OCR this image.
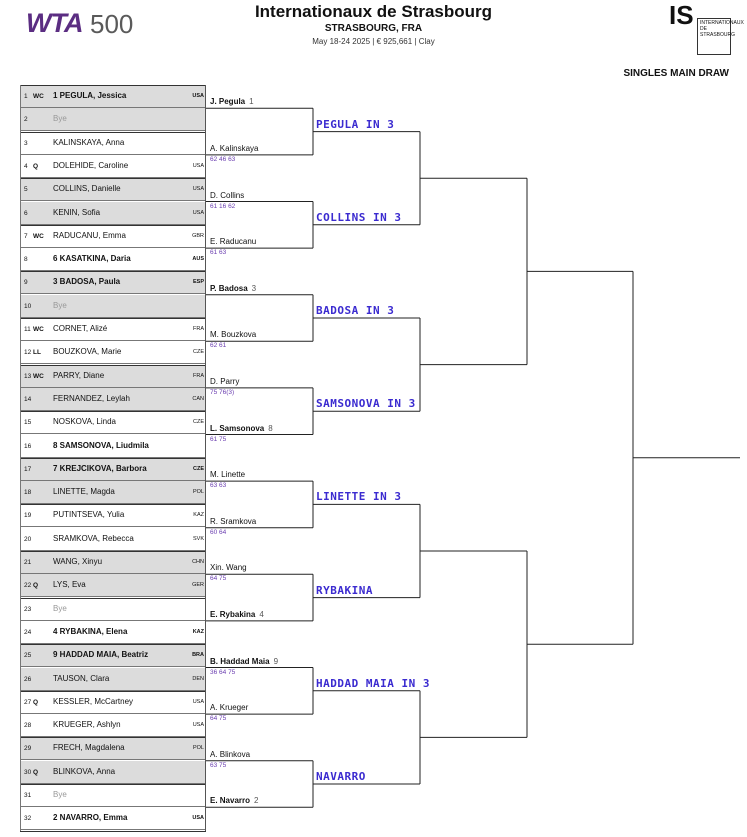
WTA 500	Internationaux de Strasbourg
STRASBOURG, FRA
May 18-24 2025 | € 925,661 | Clay
IS	INTERNATIONAUX DE STRASBOURG
SINGLES MAIN DRAW
1 WC 1 PEGULA, Jessica	USA
2	Bye
3	KALINSKAYA, Anna
4 Q DOLEHIDE, Caroline	USA
5	COLLINS, Danielle	USA
6	KENIN, Sofia	USA
7 WC RADUCANU, Emma	GBR
8	6 KASATKINA, Daria	AUS
9	3 BADOSA, Paula	ESP
10	Bye
11 WC CORNET, Alizé	FRA
12 LL BOUZKOVA, Marie	CZE
13 WC PARRY, Diane	FRA
14	FERNANDEZ, Leylah	CAN
15	NOSKOVA, Linda	CZE
16	8 SAMSONOVA, Liudmila
17	7 KREJCIKOVA, Barbora	CZE
18	LINETTE, Magda	POL
19	PUTINTSEVA, Yulia	KAZ
20	SRAMKOVA, Rebecca	SVK
21	WANG, Xinyu	CHN
22 Q LYS, Eva	GER
23	Bye
24	4 RYBAKINA, Elena	KAZ
25	9 HADDAD MAIA, Beatriz	BRA
26	TAUSON, Clara	DEN
27 Q KESSLER, McCartney	USA
28	KRUEGER, Ashlyn	USA
29	FRECH, Magdalena	POL
30 Q BLINKOVA, Anna
31	Bye
32	2 NAVARRO, Emma	USA
J. Pegula 1
A. Kalinskaya
62 46 63
D. Collins
61 16 62
E. Raducanu
61 63
P. Badosa 3
M. Bouzkova
62 61
D. Parry
75 76(3)
L. Samsonova 8
61 75
M. Linette
63 63
R. Sramkova
60 64
Xin. Wang
64 75
E. Rybakina 4
B. Haddad Maia 9
36 64 75
A. Krueger
64 75
A. Blinkova
63 75
E. Navarro 2
PEGULA IN 3
COLLINS IN 3
BADOSA IN 3
SAMSONOVA IN 3
LINETTE IN 3
RYBAKINA
HADDAD MAIA IN 3
NAVARRO
